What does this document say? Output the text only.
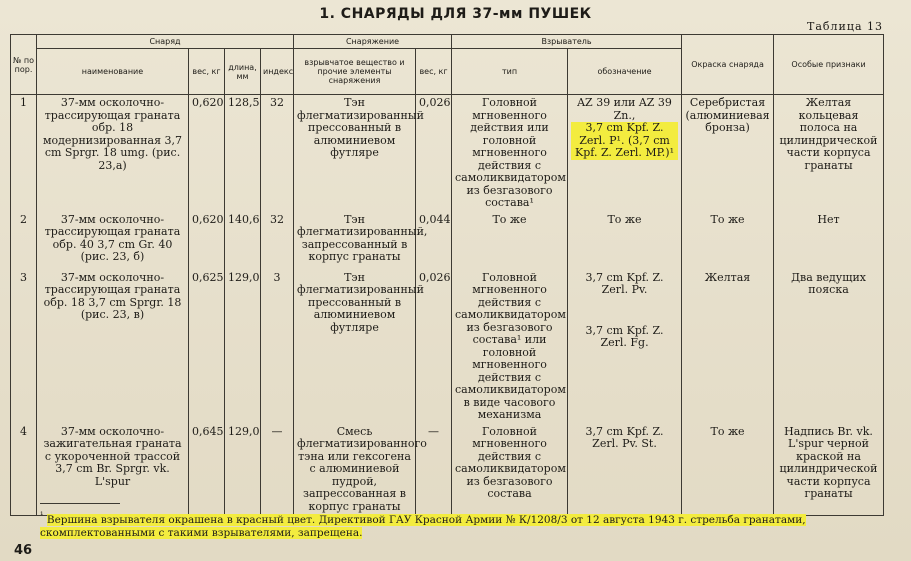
1. СНАРЯДЫ ДЛЯ 37-мм ПУШЕК
Таблица 13
№ по пор.	Снаряд				Снаряжение		Взрыватель		Окраска снаряда	Особые признаки
	наименование	вес, кг	длина, мм	индекс	взрывчатое вещество и прочие элементы снаряжения	вес, кг	тип	обозначение		
1	37-мм осколочно-трассирующая граната обр. 18 модернизированная 3,7 cm Sprgr. 18 umg. (рис. 23,а)	0,620	128,5	32	Тэн флегматизированный прессованный в алюминиевом футляре	0,026	Головной мгновенного действия или головной мгновенного действия с самоликвидатором из безгазового состава¹	AZ 39 или AZ 39 Zn.,
3,7 cm Kpf. Z. Zerl. P¹. (3,7 cm Kpf. Z. Zerl. MP.)¹	Серебристая (алюминиевая бронза)	Желтая кольцевая полоса на цилиндрической части корпуса гранаты
2	37-мм осколочно-трассирующая граната обр. 40 3,7 cm Gr. 40 (рис. 23, б)	0,620	140,6	32	Тэн флегматизированный, запрессованный в корпус гранаты	0,044	То же	То же	То же	Нет
3	37-мм осколочно-трассирующая граната обр. 18 3,7 cm Sprgr. 18 (рис. 23, в)	0,625	129,0	3	Тэн флегматизированный прессованный в алюминиевом футляре	0,026	Головной мгновенного действия с самоликвидатором из безгазового состава¹ или головной мгновенного действия с самоликвидатором в виде часового механизма	3,7 cm Kpf. Z. Zerl. Pv.
3,7 cm Kpf. Z. Zerl. Fg.	Желтая	Два ведущих пояска
4	37-мм осколочно-зажигательная граната с укороченной трассой 3,7 cm Br. Sprgr. vk. L'spur	0,645	129,0	—	Смесь флегматизированного тэна или гексогена с алюминиевой пудрой, запрессованная в корпус гранаты	—	Головной мгновенного действия с самоликвидатором из безгазового состава	3,7 cm Kpf. Z. Zerl. Pv. St.	То же	Надпись Br. vk. L'spur черной краской на цилиндрической части корпуса гранаты
$^{^1}$ Вершина взрывателя окрашена в красный цвет. Директивой ГАУ Красной Армии № К/1208/3 от 12 августа 1943 г. стрельба гранатами, скомплектованными с такими взрывателями, запрещена.
46
